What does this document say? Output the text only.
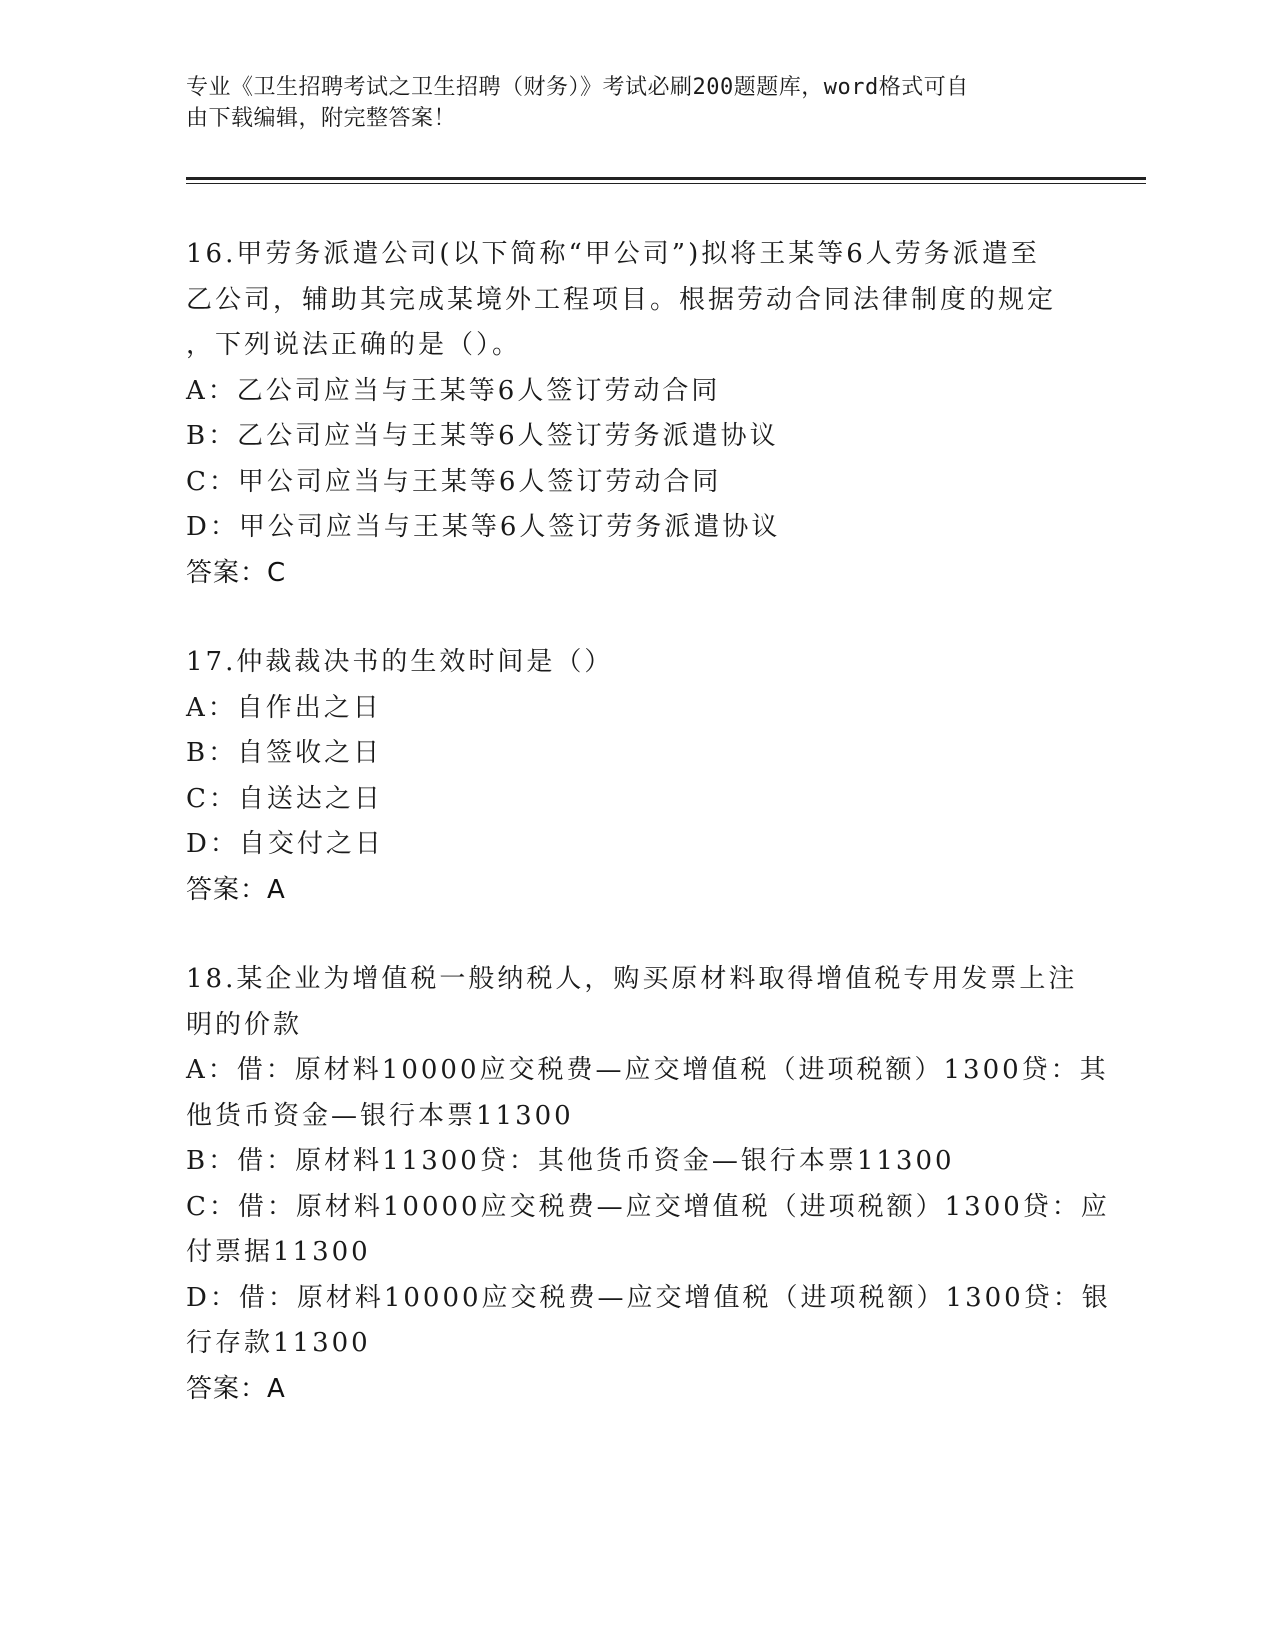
专业《卫生招聘考试之卫生招聘（财务）》考试必刷200题题库，word格式可自
由下载编辑，附完整答案！
16.甲劳务派遣公司(以下简称“甲公司”)拟将王某等6人劳务派遣至
乙公司，辅助其完成某境外工程项目。根据劳动合同法律制度的规定
，下列说法正确的是（）。
A：乙公司应当与王某等6人签订劳动合同
B：乙公司应当与王某等6人签订劳务派遣协议
C：甲公司应当与王某等6人签订劳动合同
D：甲公司应当与王某等6人签订劳务派遣协议
答案：C
17.仲裁裁决书的生效时间是（）
A：自作出之日
B：自签收之日
C：自送达之日
D：自交付之日
答案：A
18.某企业为增值税一般纳税人，购买原材料取得增值税专用发票上注
明的价款
A：借：原材料10000应交税费—应交增值税（进项税额）1300贷：其
他货币资金—银行本票11300
B：借：原材料11300贷：其他货币资金—银行本票11300
C：借：原材料10000应交税费—应交增值税（进项税额）1300贷：应
付票据11300
D：借：原材料10000应交税费—应交增值税（进项税额）1300贷：银
行存款11300
答案：A
